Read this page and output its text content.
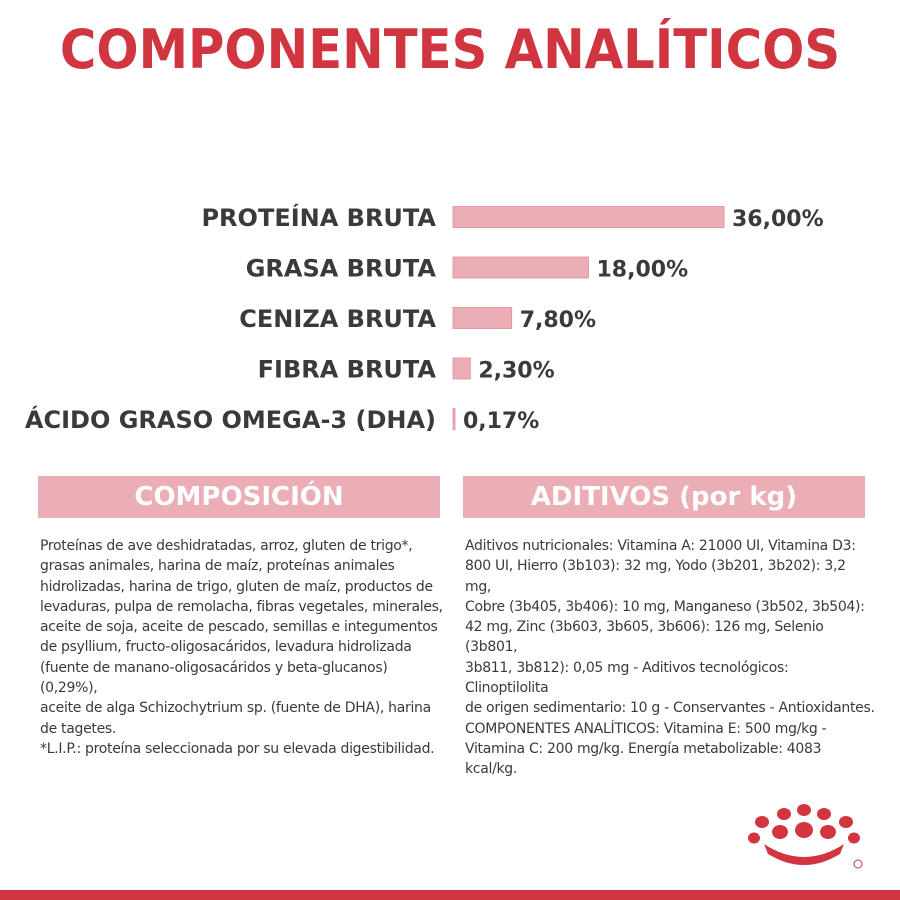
COMPONENTES ANALÍTICOS
PROTEÍNA BRUTA	36,00%
GRASA BRUTA	18,00%
CENIZA BRUTA	7,80%
FIBRA BRUTA 2,30%
ÁCIDO GRASO OMEGA-3 (DHA) 0,17%
COMPOSICIÓN	ADITIVOS (por kg)

Proteínas de ave deshidratadas, arroz, gluten de trigo*,
grasas animales, harina de maíz, proteínas animales
hidrolizadas, harina de trigo, gluten de maíz, productos de
levaduras, pulpa de remolacha, fibras vegetales, minerales,
aceite de soja, aceite de pescado, semillas e integumentos
de psyllium, fructo-oligosacáridos, levadura hidrolizada
(fuente de manano-oligosacáridos y beta-glucanos) (0,29%),
aceite de alga Schizochytrium sp. (fuente de DHA), harina
de tagetes.
*L.I.P.: proteína seleccionada por su elevada digestibilidad.

Aditivos nutricionales: Vitamina A: 21000 UI, Vitamina D3:
800 UI, Hierro (3b103): 32 mg, Yodo (3b201, 3b202): 3,2 mg,
Cobre (3b405, 3b406): 10 mg, Manganeso (3b502, 3b504):
42 mg, Zinc (3b603, 3b605, 3b606): 126 mg, Selenio (3b801,
3b811, 3b812): 0,05 mg - Aditivos tecnológicos: Clinoptilolita
de origen sedimentario: 10 g - Conservantes - Antioxidantes.
COMPONENTES ANALÍTICOS: Vitamina E: 500 mg/kg -
Vitamina C: 200 mg/kg. Energía metabolizable: 4083 kcal/kg.
